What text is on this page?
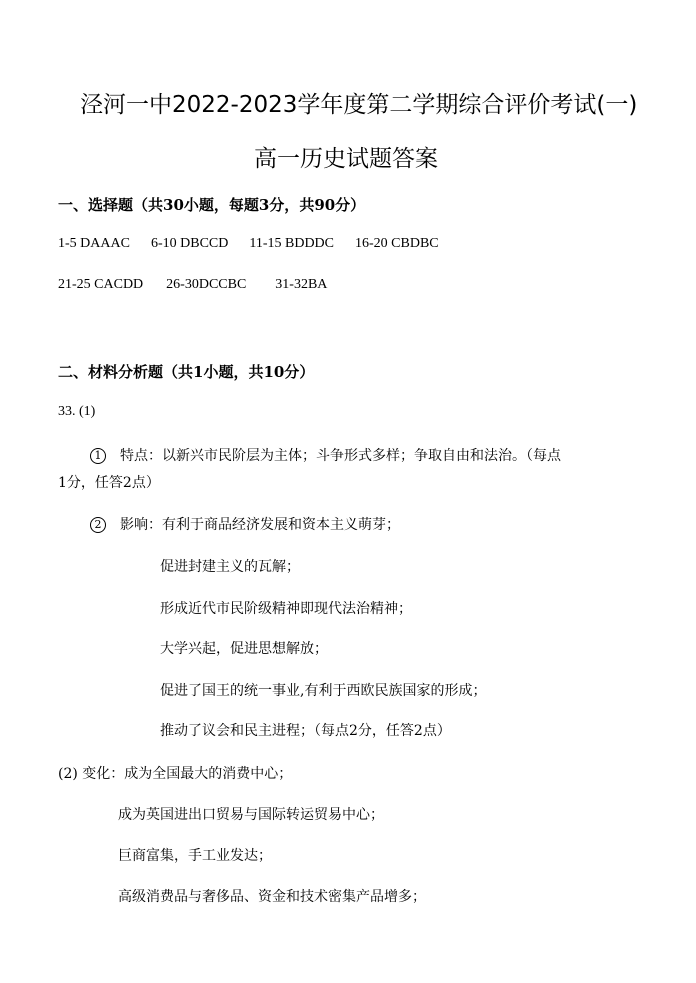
泾河一中2022-2023学年度第二学期综合评价考试(一)
高一历史试题答案
一、选择题（共30小题，每题3分，共90分）
1-5 DAAAC 6-10 DBCCD 11-15 BDDDC 16-20 CBDBC
21-25 CACDD 26-30DCCBC 31-32BA
二、材料分析题（共1小题，共10分）
33. (1)
1 特点：以新兴市民阶层为主体；斗争形式多样；争取自由和法治。（每点
1分，任答2点）
2 影响：有利于商品经济发展和资本主义萌芽；
促进封建主义的瓦解；
形成近代市民阶级精神即现代法治精神；
大学兴起，促进思想解放；
促进了国王的统一事业,有利于西欧民族国家的形成；
推动了议会和民主进程；（每点2分，任答2点）
(2) 变化：成为全国最大的消费中心；
成为英国进出口贸易与国际转运贸易中心；
巨商富集，手工业发达；
高级消费品与奢侈品、资金和技术密集产品增多；
